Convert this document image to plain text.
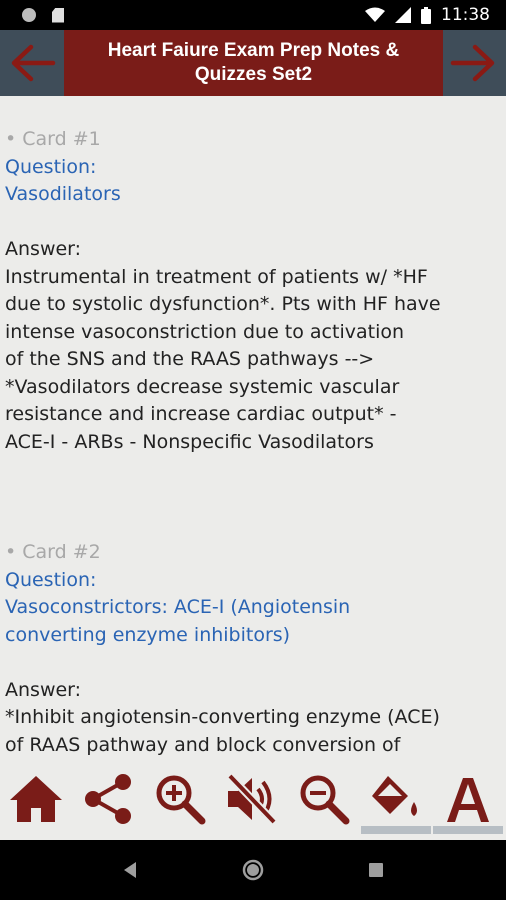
11:38
Heart Faiure Exam Prep Notes & Quizzes Set2
• Card #1
Question:
Vasodilators
Answer:
Instrumental in treatment of patients w/ *HF
due to systolic dysfunction*. Pts with HF have
intense vasoconstriction due to activation
of the SNS and the RAAS pathways -->
*Vasodilators decrease systemic vascular
resistance and increase cardiac output* -
ACE-I - ARBs - Nonspecific Vasodilators
• Card #2
Question:
Vasoconstrictors: ACE-I (Angiotensin
converting enzyme inhibitors)
Answer:
*Inhibit angiotensin-converting enzyme (ACE)
of RAAS pathway and block conversion of
